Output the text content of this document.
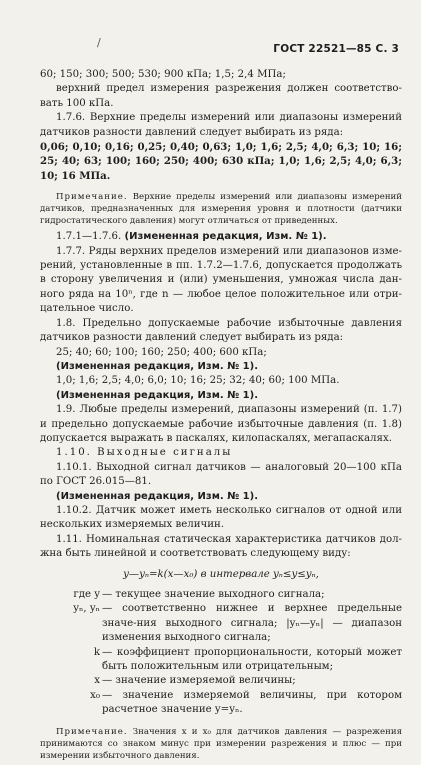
/	ГОСТ 22521—85 С. 3

60; 150; 300; 500; 530; 900 кПа; 1,5; 2,4 МПа;

верхний предел измерения разрежения должен соответство-вать 100 кПа.

1.7.6. Верхние пределы измерений или диапазоны измерений датчиков разности давлений следует выбирать из ряда:

0,06; 0,10; 0,16; 0,25; 0,40; 0,63; 1,0; 1,6; 2,5; 4,0; 6,3; 10; 16; 25; 40; 63; 100; 160; 250; 400; 630 кПа; 1,0; 1,6; 2,5; 4,0; 6,3; 10; 16 МПа.

Примечание. Верхние пределы измерений или диапазоны измерений датчиков, предназначенных для измерения уровня и плотности (датчики гидростатического давления) могут отличаться от приведенных.

1.7.1—1.7.6. (Измененная редакция, Изм. № 1).

1.7.7. Ряды верхних пределов измерений или диапазонов изме-рений, установленные в пп. 1.7.2—1.7.6, допускается продолжать в сторону увеличения и (или) уменьшения, умножая числа дан-ного ряда на 10ⁿ, где n — любое целое положительное или отри-цательное число.

1.8. Предельно допускаемые рабочие избыточные давления датчиков разности давлений следует выбирать из ряда:

25; 40; 60; 100; 160; 250; 400; 600 кПа;

(Измененная редакция, Изм. № 1).

1,0; 1,6; 2,5; 4,0; 6,0; 10; 16; 25; 32; 40; 60; 100 МПа.

(Измененная редакция, Изм. № 1).

1.9. Любые пределы измерений, диапазоны измерений (п. 1.7) и предельно допускаемые рабочие избыточные давления (п. 1.8) допускается выражать в паскалях, килопаскалях, мегапаскалях.

1.10. Выходные сигналы

1.10.1. Выходной сигнал датчиков — аналоговый 20—100 кПа по ГОСТ 26.015—81.

(Измененная редакция, Изм. № 1).

1.10.2. Датчик может иметь несколько сигналов от одной или нескольких измеряемых величин.

1.11. Номинальная статическая характеристика датчиков дол-жна быть линейной и соответствовать следующему виду:

y—yₙ=k(x—x₀) в интервале yₙ≤y≤yₙ,

где y — текущее значение выходного сигнала;
yₙ, yₙ — соответственно нижнее и верхнее предельные значе-ния выходного сигнала; |yₙ—yₙ| — диапазон изменения выходного сигнала;
k — коэффициент пропорциональности, который может быть положительным или отрицательным;
x — значение измеряемой величины;
x₀ — значение измеряемой величины, при котором расчетное значение y=yₙ.

Примечание. Значения x и x₀ для датчиков давления — разрежения принимаются со знаком минус при измерении разрежения и плюс — при измерении избыточного давления.
